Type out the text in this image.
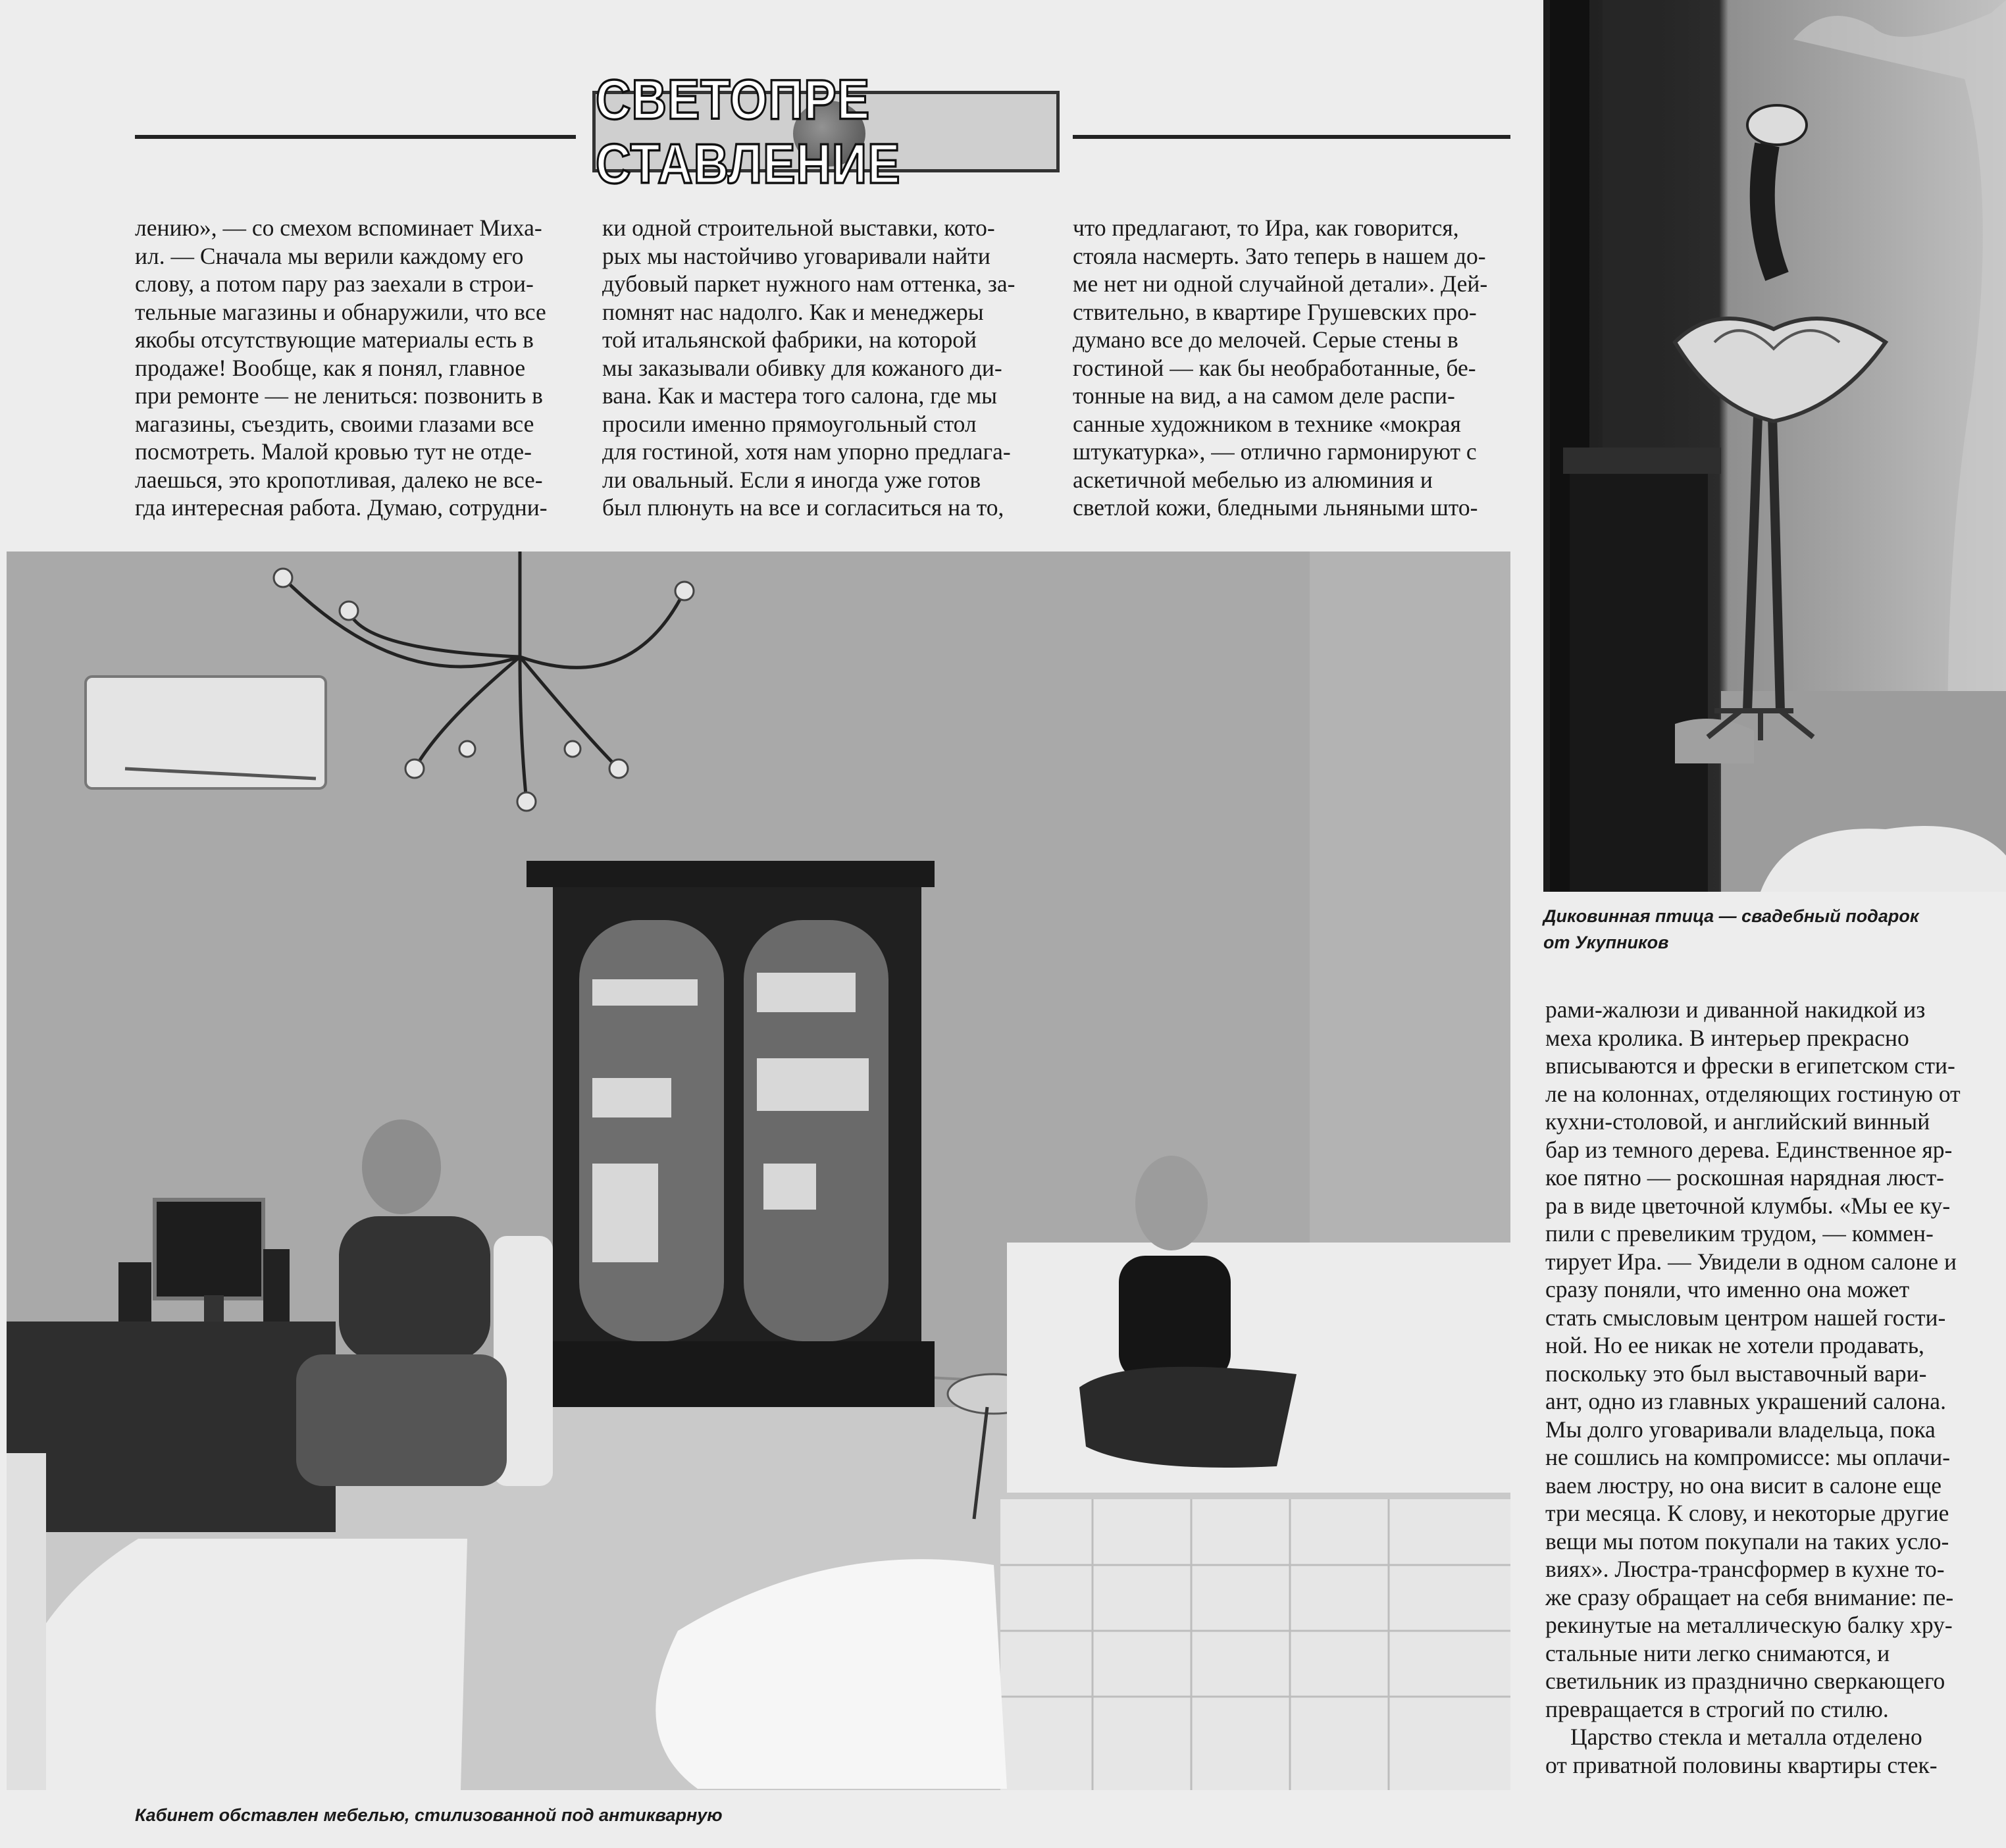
СВЕТОПРЕ СТАВЛЕНИЕ

лению», — со смехом вспоминает Миха-

ил. — Сначала мы верили каждому его

слову, а потом пару раз заехали в строи-

тельные магазины и обнаружили, что все

якобы отсутствующие материалы есть в

продаже! Вообще, как я понял, главное

при ремонте — не лениться: позвонить в

магазины, съездить, своими глазами все

посмотреть. Малой кровью тут не отде-

лаешься, это кропотливая, далеко не все-

гда интересная работа. Думаю, сотрудни-

ки одной строительной выставки, кото-

рых мы настойчиво уговаривали найти

дубовый паркет нужного нам оттенка, за-

помнят нас надолго. Как и менеджеры

той итальянской фабрики, на которой

мы заказывали обивку для кожаного ди-

вана. Как и мастера того салона, где мы

просили именно прямоугольный стол

для гостиной, хотя нам упорно предлага-

ли овальный. Если я иногда уже готов

был плюнуть на все и согласиться на то,

что предлагают, то Ира, как говорится,

стояла насмерть. Зато теперь в нашем до-

ме нет ни одной случайной детали». Дей-

ствительно, в квартире Грушевских про-

думано все до мелочей. Серые стены в

гостиной — как бы необработанные, бе-

тонные на вид, а на самом деле распи-

санные художником в технике «мокрая

штукатурка», — отлично гармонируют с

аскетичной мебелью из алюминия и

светлой кожи, бледными льняными што-

Диковинная птица — свадебный подарок
от Укупников
Кабинет обставлен мебелью, стилизованной под антикварную

рами-жалюзи и диванной накидкой из

меха кролика. В интерьер прекрасно

вписываются и фрески в египетском сти-

ле на колоннах, отделяющих гостиную от

кухни-столовой, и английский винный

бар из темного дерева. Единственное яр-

кое пятно — роскошная нарядная люст-

ра в виде цветочной клумбы. «Мы ее ку-

пили с превеликим трудом, — коммен-

тирует Ира. — Увидели в одном салоне и

сразу поняли, что именно она может

стать смысловым центром нашей гости-

ной. Но ее никак не хотели продавать,

поскольку это был выставочный вари-

ант, одно из главных украшений салона.

Мы долго уговаривали владельца, пока

не сошлись на компромиссе: мы оплачи-

ваем люстру, но она висит в салоне еще

три месяца. К слову, и некоторые другие

вещи мы потом покупали на таких усло-

виях». Люстра-трансформер в кухне то-

же сразу обращает на себя внимание: пе-

рекинутые на металлическую балку хру-

стальные нити легко снимаются, и

светильник из празднично сверкающего

превращается в строгий по стилю.

Царство стекла и металла отделено

от приватной половины квартиры стек-
